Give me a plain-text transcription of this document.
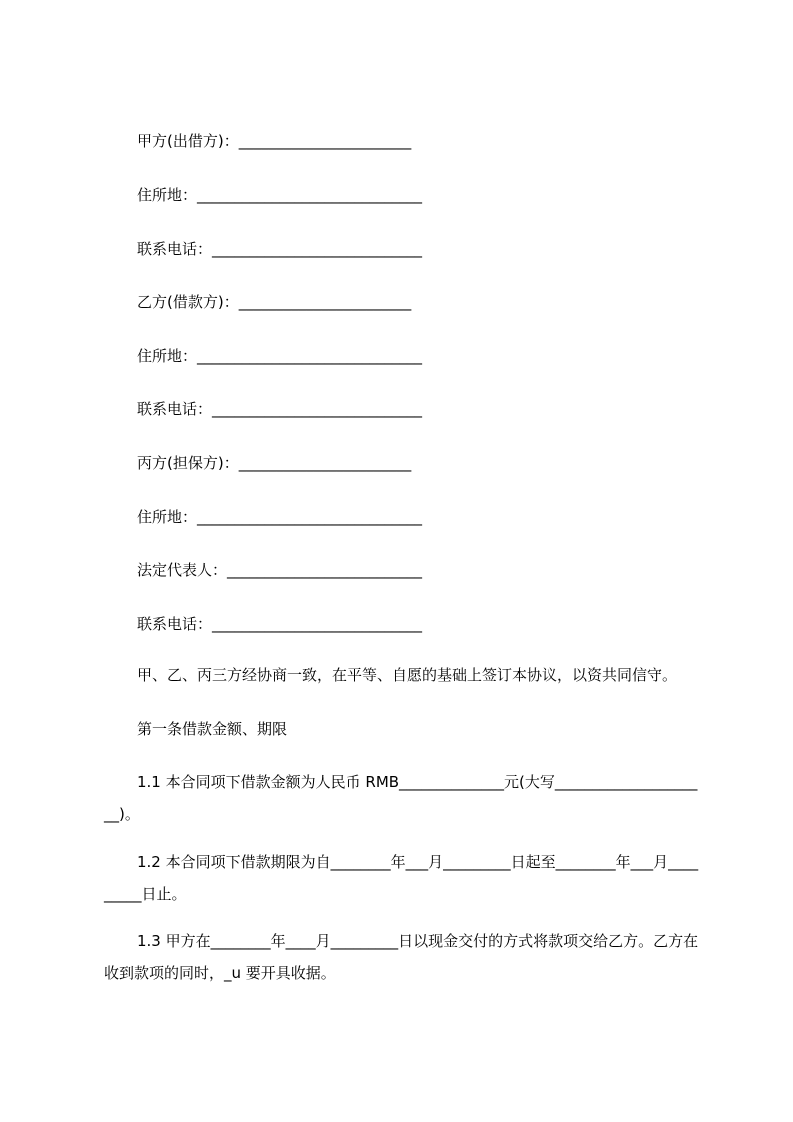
甲方(出借方)：_______________________
住所地：______________________________
联系电话：____________________________
乙方(借款方)：_______________________
住所地：______________________________
联系电话：____________________________
丙方(担保方)：_______________________
住所地：______________________________
法定代表人：__________________________
联系电话：____________________________
甲、乙、丙三方经协商一致，在平等、自愿的基础上签订本协议，以资共同信守。
第一条借款金额、期限
1.1 本合同项下借款金额为人民币 RMB______________元(大写_____________________)。
1.2 本合同项下借款期限为自________年___月_________日起至________年___月_________日止。
1.3 甲方在________年____月_________日以现金交付的方式将款项交给乙方。乙方在收到款项的同时，_u 要开具收据。
